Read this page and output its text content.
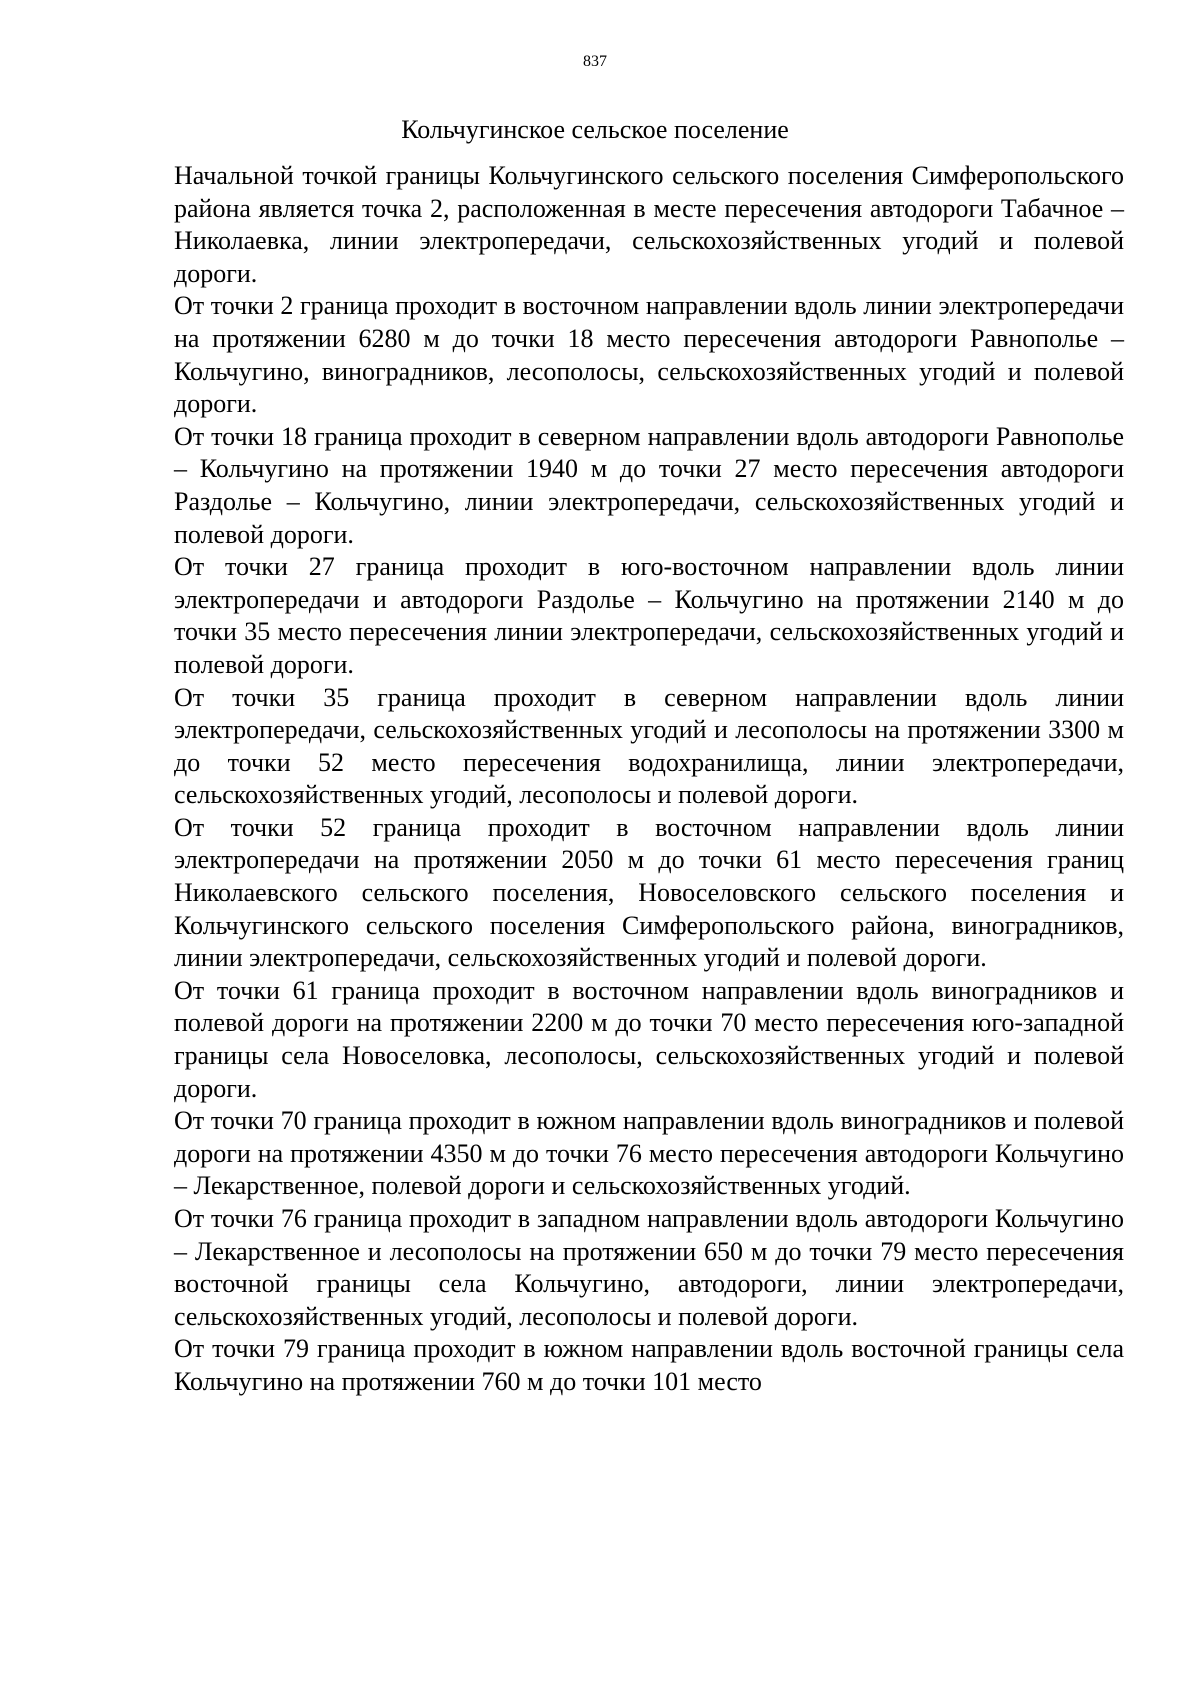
837
Кольчугинское сельское поселение

Начальной точкой границы Кольчугинского сельского поселения Симферопольского района является точка 2, расположенная в месте пересечения автодороги Табачное – Николаевка, линии электропередачи, сельскохозяйственных угодий и полевой дороги.

От точки 2 граница проходит в восточном направлении вдоль линии электропередачи на протяжении 6280 м до точки 18 место пересечения автодороги Равнополье – Кольчугино, виноградников, лесополосы, сельскохозяйственных угодий и полевой дороги.

От точки 18 граница проходит в северном направлении вдоль автодороги Равнополье – Кольчугино на протяжении 1940 м до точки 27 место пересечения автодороги Раздолье – Кольчугино, линии электропередачи, сельскохозяйственных угодий и полевой дороги.

От точки 27 граница проходит в юго-восточном направлении вдоль линии электропередачи и автодороги Раздолье – Кольчугино на протяжении 2140 м до точки 35 место пересечения линии электропередачи, сельскохозяйственных угодий и полевой дороги.

От точки 35 граница проходит в северном направлении вдоль линии электропередачи, сельскохозяйственных угодий и лесополосы на протяжении 3300 м до точки 52 место пересечения водохранилища, линии электропередачи, сельскохозяйственных угодий, лесополосы и полевой дороги.

От точки 52 граница проходит в восточном направлении вдоль линии электропередачи на протяжении 2050 м до точки 61 место пересечения границ Николаевского сельского поселения, Новоселовского сельского поселения и Кольчугинского сельского поселения Симферопольского района, виноградников, линии электропередачи, сельскохозяйственных угодий и полевой дороги.

От точки 61 граница проходит в восточном направлении вдоль виноградников и полевой дороги на протяжении 2200 м до точки 70 место пересечения юго-западной границы села Новоселовка, лесополосы, сельскохозяйственных угодий и полевой дороги.

От точки 70 граница проходит в южном направлении вдоль виноградников и полевой дороги на протяжении 4350 м до точки 76 место пересечения автодороги Кольчугино – Лекарственное, полевой дороги и сельскохозяйственных угодий.

От точки 76 граница проходит в западном направлении вдоль автодороги Кольчугино – Лекарственное и лесополосы на протяжении 650 м до точки 79 место пересечения восточной границы села Кольчугино, автодороги, линии электропередачи, сельскохозяйственных угодий, лесополосы и полевой дороги.

От точки 79 граница проходит в южном направлении вдоль восточной границы села Кольчугино на протяжении 760 м до точки 101 место
